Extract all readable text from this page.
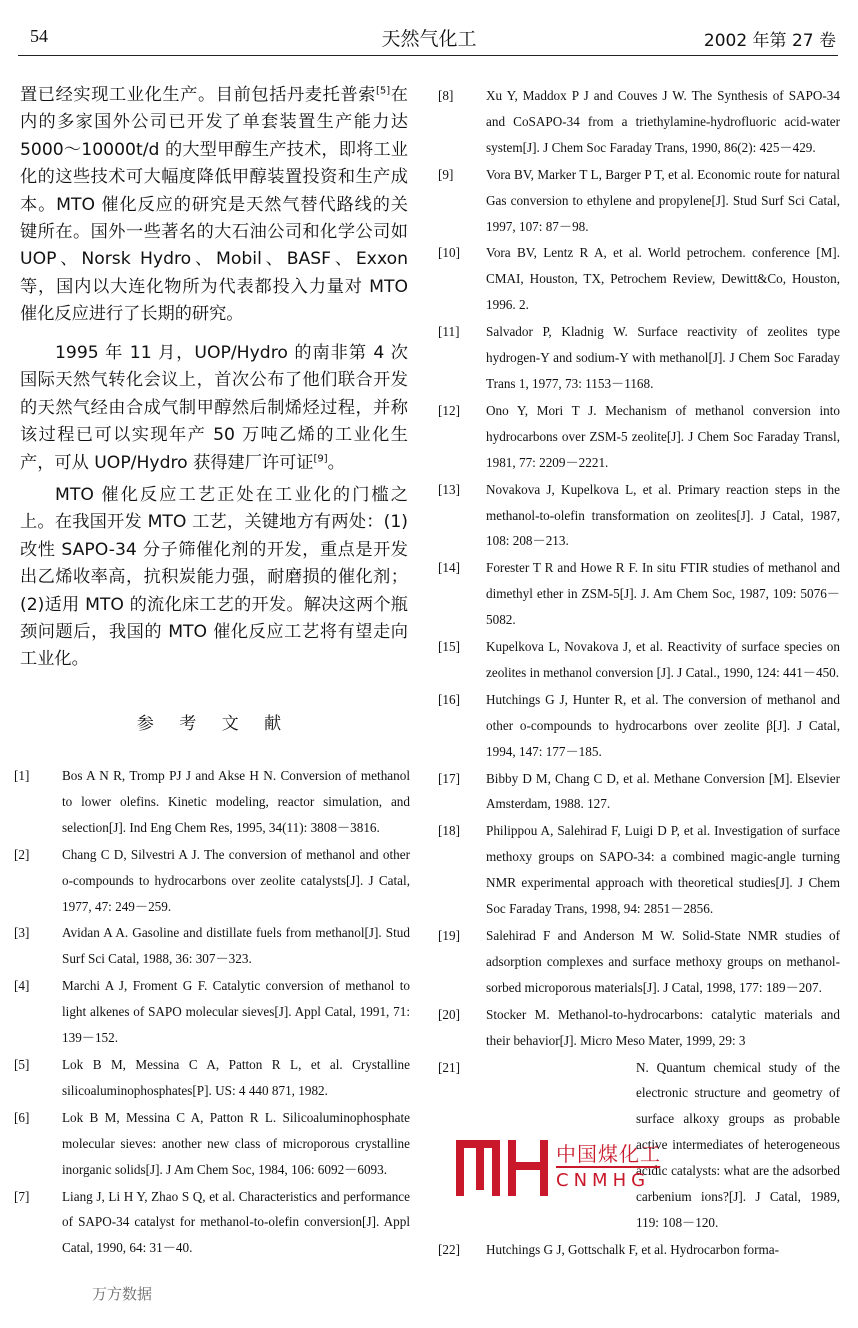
54	天然气化工	2002 年第 27 卷
置已经实现工业化生产。目前包括丹麦托普索[5]在内的多家国外公司已开发了单套装置生产能力达 5000～10000t/d 的大型甲醇生产技术，即将工业化的这些技术可大幅度降低甲醇装置投资和生产成本。MTO 催化反应的研究是天然气替代路线的关键所在。国外一些著名的大石油公司和化学公司如 UOP、Norsk Hydro、Mobil、BASF、Exxon 等，国内以大连化物所为代表都投入力量对 MTO 催化反应进行了长期的研究。
1995 年 11 月，UOP/Hydro 的南非第 4 次国际天然气转化会议上，首次公布了他们联合开发的天然气经由合成气制甲醇然后制烯烃过程，并称该过程已可以实现年产 50 万吨乙烯的工业化生产，可从 UOP/Hydro 获得建厂许可证[9]。
MTO 催化反应工艺正处在工业化的门槛之上。在我国开发 MTO 工艺，关键地方有两处：(1)改性 SAPO-34 分子筛催化剂的开发，重点是开发出乙烯收率高，抗积炭能力强，耐磨损的催化剂；(2)适用 MTO 的流化床工艺的开发。解决这两个瓶颈问题后，我国的 MTO 催化反应工艺将有望走向工业化。
参 考 文 献
[1] Bos A N R, Tromp PJ J and Akse H N. Conversion of methanol to lower olefins. Kinetic modeling, reactor simulation, and selection[J]. Ind Eng Chem Res, 1995, 34(11): 3808－3816.
[2] Chang C D, Silvestri A J. The conversion of methanol and other o-compounds to hydrocarbons over zeolite catalysts[J]. J Catal, 1977, 47: 249－259.
[3] Avidan A A. Gasoline and distillate fuels from methanol[J]. Stud Surf Sci Catal, 1988, 36: 307－323.
[4] Marchi A J, Froment G F. Catalytic conversion of methanol to light alkenes of SAPO molecular sieves[J]. Appl Catal, 1991, 71: 139－152.
[5] Lok B M, Messina C A, Patton R L, et al. Crystalline silicoaluminophosphates[P]. US: 4 440 871, 1982.
[6] Lok B M, Messina C A, Patton R L. Silicoaluminophosphate molecular sieves: another new class of microporous crystalline inorganic solids[J]. J Am Chem Soc, 1984, 106: 6092－6093.
[7] Liang J, Li H Y, Zhao S Q, et al. Characteristics and performance of SAPO-34 catalyst for methanol-to-olefin conversion[J]. Appl Catal, 1990, 64: 31－40.
[8] Xu Y, Maddox P J and Couves J W. The Synthesis of SAPO-34 and CoSAPO-34 from a triethylamine-hydrofluoric acid-water system[J]. J Chem Soc Faraday Trans, 1990, 86(2): 425－429.
[9] Vora BV, Marker T L, Barger P T, et al. Economic route for natural Gas conversion to ethylene and propylene[J]. Stud Surf Sci Catal, 1997, 107: 87－98.
[10] Vora BV, Lentz R A, et al. World petrochem. conference [M]. CMAI, Houston, TX, Petrochem Review, Dewitt&Co, Houston, 1996. 2.
[11] Salvador P, Kladnig W. Surface reactivity of zeolites type hydrogen-Y and sodium-Y with methanol[J]. J Chem Soc Faraday Trans 1, 1977, 73: 1153－1168.
[12] Ono Y, Mori T J. Mechanism of methanol conversion into hydrocarbons over ZSM-5 zeolite[J]. J Chem Soc Faraday Transl, 1981, 77: 2209－2221.
[13] Novakova J, Kupelkova L, et al. Primary reaction steps in the methanol-to-olefin transformation on zeolites[J]. J Catal, 1987, 108: 208－213.
[14] Forester T R and Howe R F. In situ FTIR studies of methanol and dimethyl ether in ZSM-5[J]. J. Am Chem Soc, 1987, 109: 5076－5082.
[15] Kupelkova L, Novakova J, et al. Reactivity of surface species on zeolites in methanol conversion [J]. J Catal., 1990, 124: 441－450.
[16] Hutchings G J, Hunter R, et al. The conversion of methanol and other o-compounds to hydrocarbons over zeolite β[J]. J Catal, 1994, 147: 177－185.
[17] Bibby D M, Chang C D, et al. Methane Conversion [M]. Elsevier Amsterdam, 1988. 127.
[18] Philippou A, Salehirad F, Luigi D P, et al. Investigation of surface methoxy groups on SAPO-34: a combined magic-angle turning NMR experimental approach with theoretical studies[J]. J Chem Soc Faraday Trans, 1998, 94: 2851－2856.
[19] Salehirad F and Anderson M W. Solid-State NMR studies of adsorption complexes and surface methoxy groups on methanol-sorbed microporous materials[J]. J Catal, 1998, 177: 189－207.
[20] Stocker M. Methanol-to-hydrocarbons: catalytic materials and their behavior[J]. Micro Meso Mater, 1999, 29: 3
[21]	N. Quantum chemical study of the electronic structure and geometry of surface alkoxy groups as probable active intermediates of heterogeneous acidic catalysts: what are the adsorbed carbenium ions?[J]. J Catal, 1989, 119: 108－120.
[22] Hutchings G J, Gottschalk F, et al. Hydrocarbon forma-
中国煤化工
CNMHG
万方数据
